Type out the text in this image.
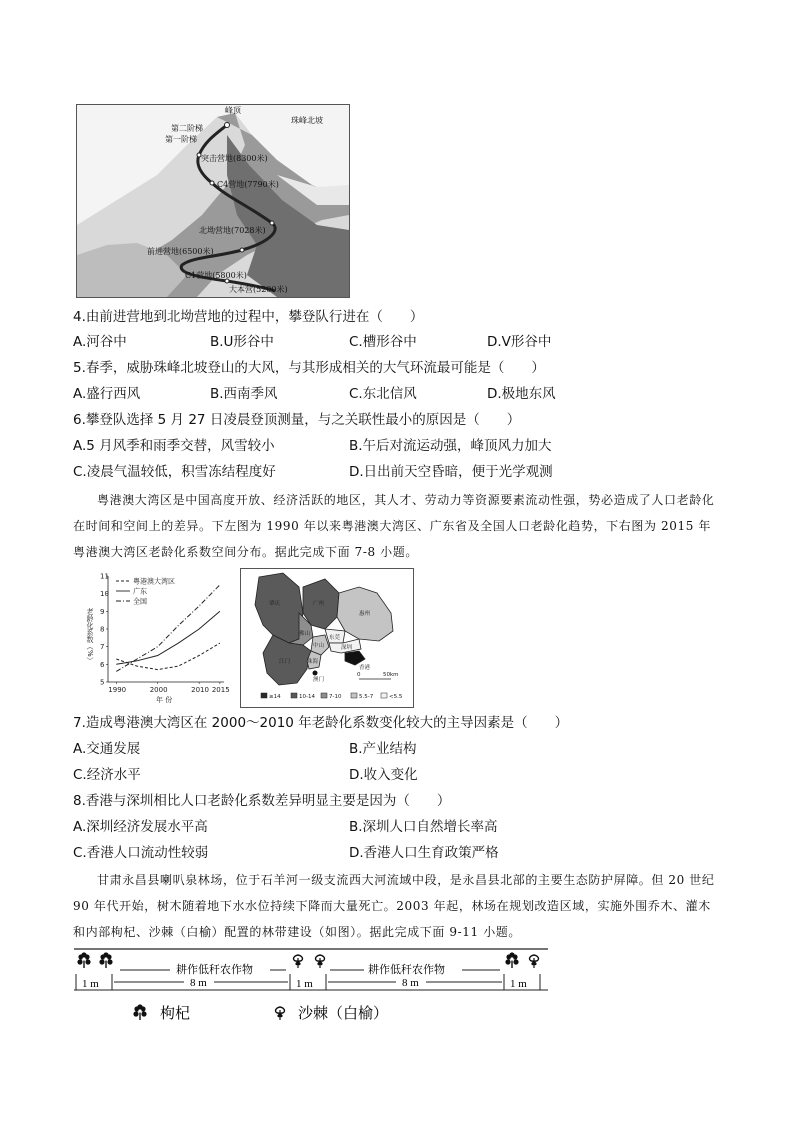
峰顶
珠峰北坡
第二阶梯
第一阶梯
突击营地(8300米)
C4营地(7790米)
北坳营地(7028米)
前进营地(6500米)
C1营地(5800米)
大本营(5200米)
4.由前进营地到北坳营地的过程中，攀登队行进在（　　）
A.河谷中	B.U形谷中	C.槽形谷中	D.V形谷中
5.春季，威胁珠峰北坡登山的大风，与其形成相关的大气环流最可能是（　　）
A.盛行西风	B.西南季风	C.东北信风	D.极地东风
6.攀登队选择 5 月 27 日凌晨登顶测量，与之关联性最小的原因是（　　）
A.5 月风季和雨季交替，风雪较小	B.午后对流运动强，峰顶风力加大
C.凌晨气温较低，积雪冻结程度好	D.日出前天空昏暗，便于光学观测
粤港澳大湾区是中国高度开放、经济活跃的地区，其人才、劳动力等资源要素流动性强，势必造成了人口老龄化在时间和空间上的差异。下左图为 1990 年以来粤港澳大湾区、广东省及全国人口老龄化趋势，下右图为 2015 年粤港澳大湾区老龄化系数空间分布。据此完成下面 7-8 小题。
5
6
7
8
9
10
11
1990	2000	2010 2015
年 份
老龄化系数（%）
粤港澳大湾区
广东
全国	肇庆	广州
惠州
佛山
东莞
深圳
中山
江门	珠海
香港
澳门
0	50km
≥14	10-14	7-10	5.5-7	<5.5
7.造成粤港澳大湾区在 2000～2010 年老龄化系数变化较大的主导因素是（　　）
A.交通发展	B.产业结构
C.经济水平	D.收入变化
8.香港与深圳相比人口老龄化系数差异明显主要是因为（　　）
A.深圳经济发展水平高	B.深圳人口自然增长率高
C.香港人口流动性较弱	D.香港人口生育政策严格
甘肃永昌县喇叭泉林场，位于石羊河一级支流西大河流域中段，是永昌县北部的主要生态防护屏障。但 20 世纪 90 年代开始，树木随着地下水水位持续下降而大量死亡。2003 年起，林场在规划改造区域，实施外围乔木、灌木和内部枸杞、沙棘（白榆）配置的林带建设（如图）。据此完成下面 9-11 小题。
耕作低秆农作物	耕作低秆农作物
8 m	8 m
1 m	1 m	1 m
枸杞	沙棘（白榆）
